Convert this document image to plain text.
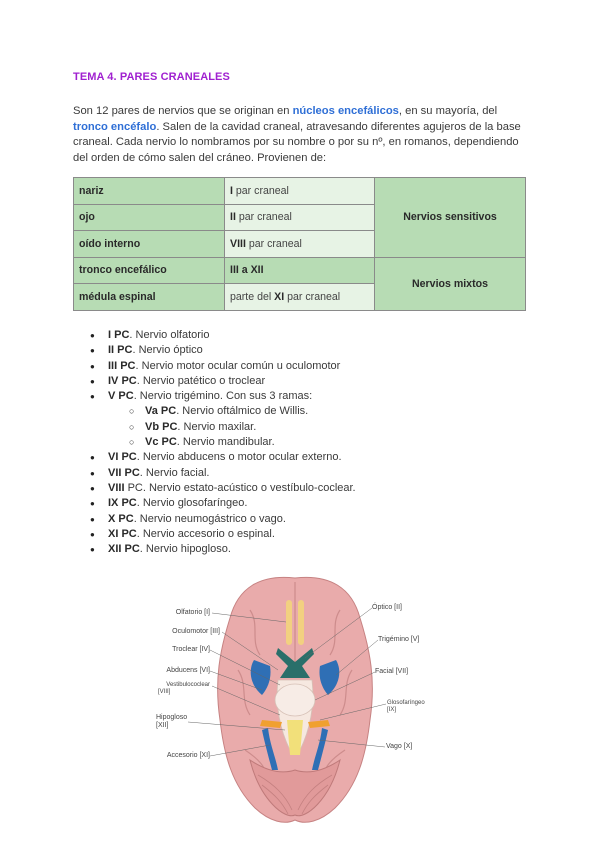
TEMA 4. PARES CRANEALES

Son 12 pares de nervios que se originan en núcleos encefálicos, en su mayoría, del tronco encéfalo. Salen de la cavidad craneal, atravesando diferentes agujeros de la base craneal. Cada nervio lo nombramos por su nombre o por su nº, en romanos, dependiendo del orden de cómo salen del cráneo. Provienen de:

nariz	I par craneal	Nervios sensitivos
ojo	II par craneal	
oído interno	VIII par craneal	
tronco encefálico	III a XII	Nervios mixtos
médula espinal	parte del XI par craneal	
● I PC. Nervio olfatorio
● II PC. Nervio óptico
● III PC. Nervio motor ocular común u oculomotor
● IV PC. Nervio patético o troclear
● V PC. Nervio trigémino. Con sus 3 ramas:
○ Va PC. Nervio oftálmico de Willis.
○ Vb PC. Nervio maxilar.
○ Vc PC. Nervio mandibular.
● VI PC. Nervio abducens o motor ocular externo.
● VII PC. Nervio facial.
● VIII PC. Nervio estato-acústico o vestíbulo-coclear.
● IX PC. Nervio glosofaríngeo.
● X PC. Nervio neumogástrico o vago.
● XI PC. Nervio accesorio o espinal.
● XII PC. Nervio hipogloso.
Olfatorio [I]
Oculomotor [III]
Troclear [IV]
Abducens [VI]
Vestibulococlear
[VIII]
Hipogloso
[XII]
Accesorio [XI]
Óptico [II]
Trigémino [V]
Facial [VII]
Glosofaríngeo
[IX]
Vago [X]
